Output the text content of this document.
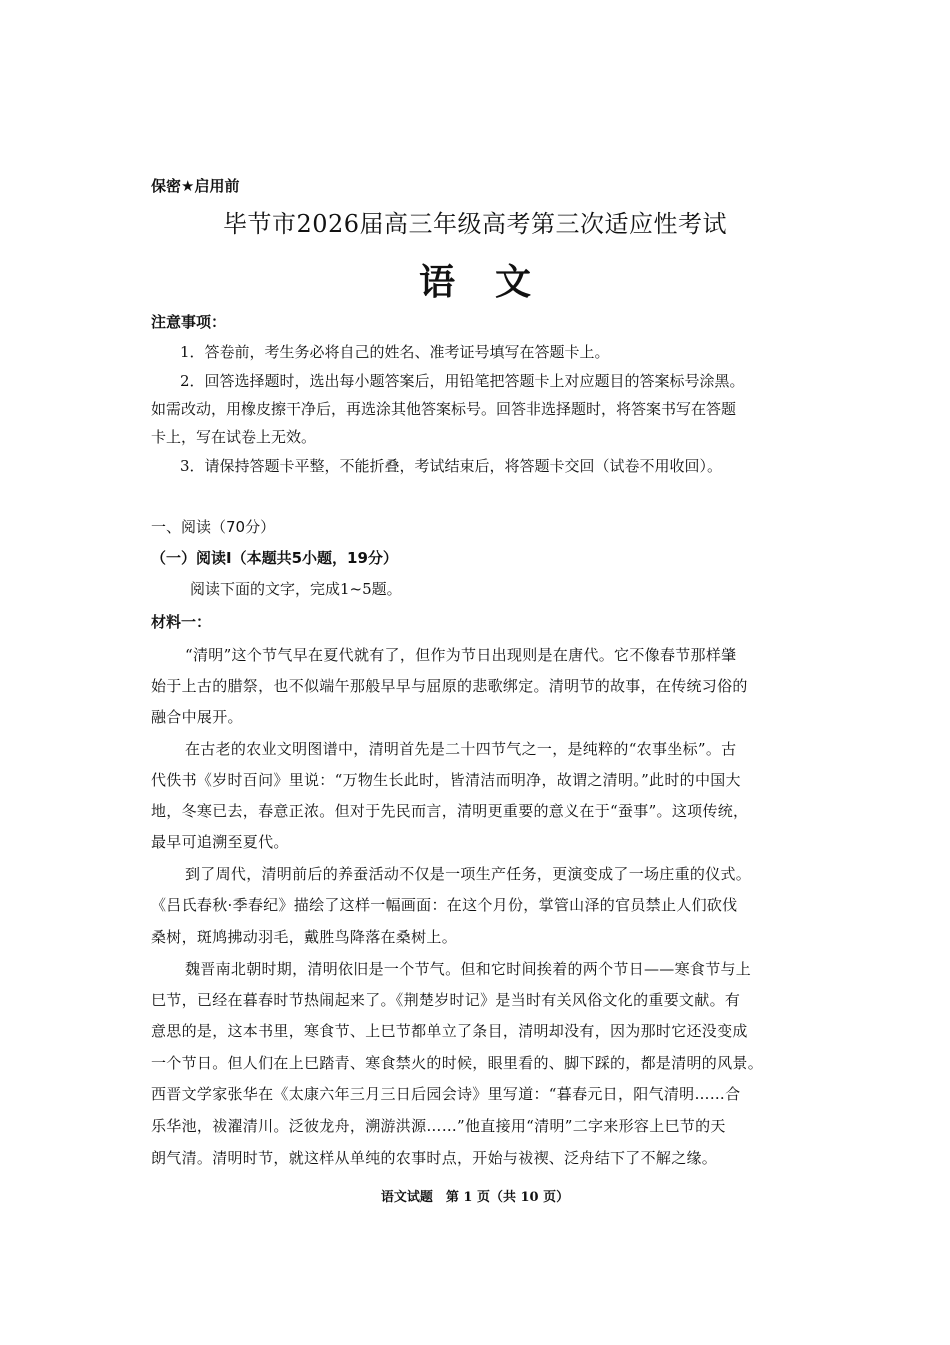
保密★启用前
毕节市2026届高三年级高考第三次适应性考试
语文
注意事项：
1．答卷前，考生务必将自己的姓名、准考证号填写在答题卡上。
2．回答选择题时，选出每小题答案后，用铅笔把答题卡上对应题目的答案标号涂黑。
如需改动，用橡皮擦干净后，再选涂其他答案标号。回答非选择题时，将答案书写在答题
卡上，写在试卷上无效。
3．请保持答题卡平整，不能折叠，考试结束后，将答题卡交回（试卷不用收回）。
一、阅读（70分）
（一）阅读Ⅰ（本题共5小题，19分）
阅读下面的文字，完成1~5题。
材料一：
“清明”这个节气早在夏代就有了，但作为节日出现则是在唐代。它不像春节那样肇
始于上古的腊祭，也不似端午那般早早与屈原的悲歌绑定。清明节的故事，在传统习俗的
融合中展开。
在古老的农业文明图谱中，清明首先是二十四节气之一，是纯粹的“农事坐标”。古
代佚书《岁时百问》里说：“万物生长此时，皆清洁而明净，故谓之清明。”此时的中国大
地，冬寒已去，春意正浓。但对于先民而言，清明更重要的意义在于“蚕事”。这项传统，
最早可追溯至夏代。
到了周代，清明前后的养蚕活动不仅是一项生产任务，更演变成了一场庄重的仪式。
《吕氏春秋·季春纪》描绘了这样一幅画面：在这个月份，掌管山泽的官员禁止人们砍伐
桑树，斑鸠拂动羽毛，戴胜鸟降落在桑树上。
魏晋南北朝时期，清明依旧是一个节气。但和它时间挨着的两个节日——寒食节与上
巳节，已经在暮春时节热闹起来了。《荆楚岁时记》是当时有关风俗文化的重要文献。有
意思的是，这本书里，寒食节、上巳节都单立了条目，清明却没有，因为那时它还没变成
一个节日。但人们在上巳踏青、寒食禁火的时候，眼里看的、脚下踩的，都是清明的风景。
西晋文学家张华在《太康六年三月三日后园会诗》里写道：“暮春元日，阳气清明……合
乐华池，祓濯清川。泛彼龙舟，溯游洪源……”他直接用“清明”二字来形容上巳节的天
朗气清。清明时节，就这样从单纯的农事时点，开始与祓禊、泛舟结下了不解之缘。
语文试题　第 1 页（共 10 页）
